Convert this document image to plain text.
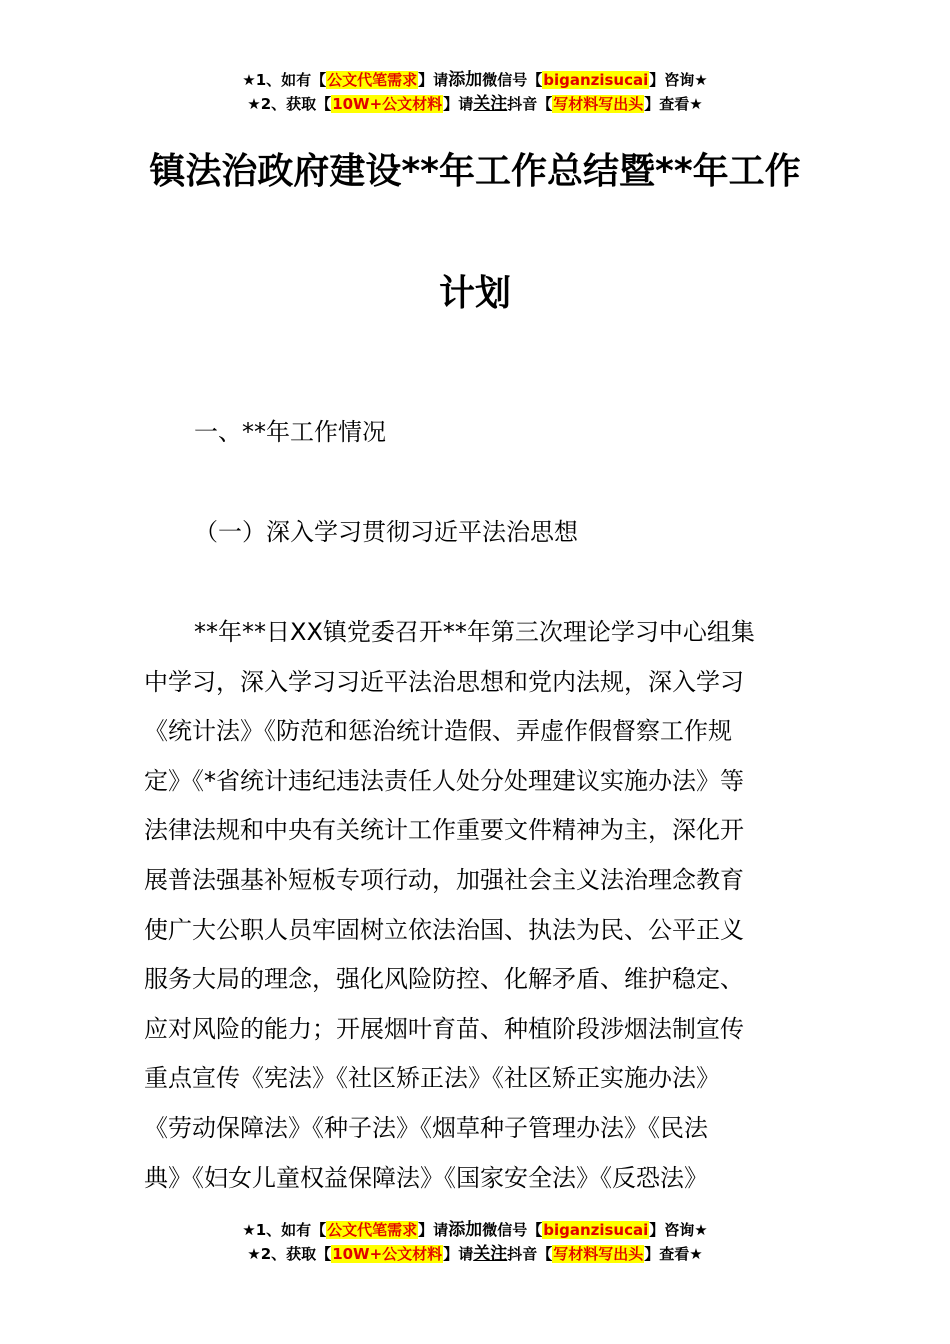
★1、如有【公文代笔需求】请添加微信号【biganzisucai】咨询★
★2、获取【10W+公文材料】请关注抖音【写材料写出头】查看★
镇法治政府建设**年工作总结暨**年工作
计划
一、**年工作情况
（一）深入学习贯彻习近平法治思想
**年**日XX镇党委召开**年第三次理论学习中心组集
中学习，深入学习习近平法治思想和党内法规，深入学习
《统计法》《防范和惩治统计造假、弄虚作假督察工作规
定》《*省统计违纪违法责任人处分处理建议实施办法》等
法律法规和中央有关统计工作重要文件精神为主，深化开
展普法强基补短板专项行动，加强社会主义法治理念教育
使广大公职人员牢固树立依法治国、执法为民、公平正义
服务大局的理念，强化风险防控、化解矛盾、维护稳定、
应对风险的能力；开展烟叶育苗、种植阶段涉烟法制宣传
重点宣传《宪法》《社区矫正法》《社区矫正实施办法》
《劳动保障法》《种子法》《烟草种子管理办法》《民法
典》《妇女儿童权益保障法》《国家安全法》《反恐法》
★1、如有【公文代笔需求】请添加微信号【biganzisucai】咨询★
★2、获取【10W+公文材料】请关注抖音【写材料写出头】查看★
